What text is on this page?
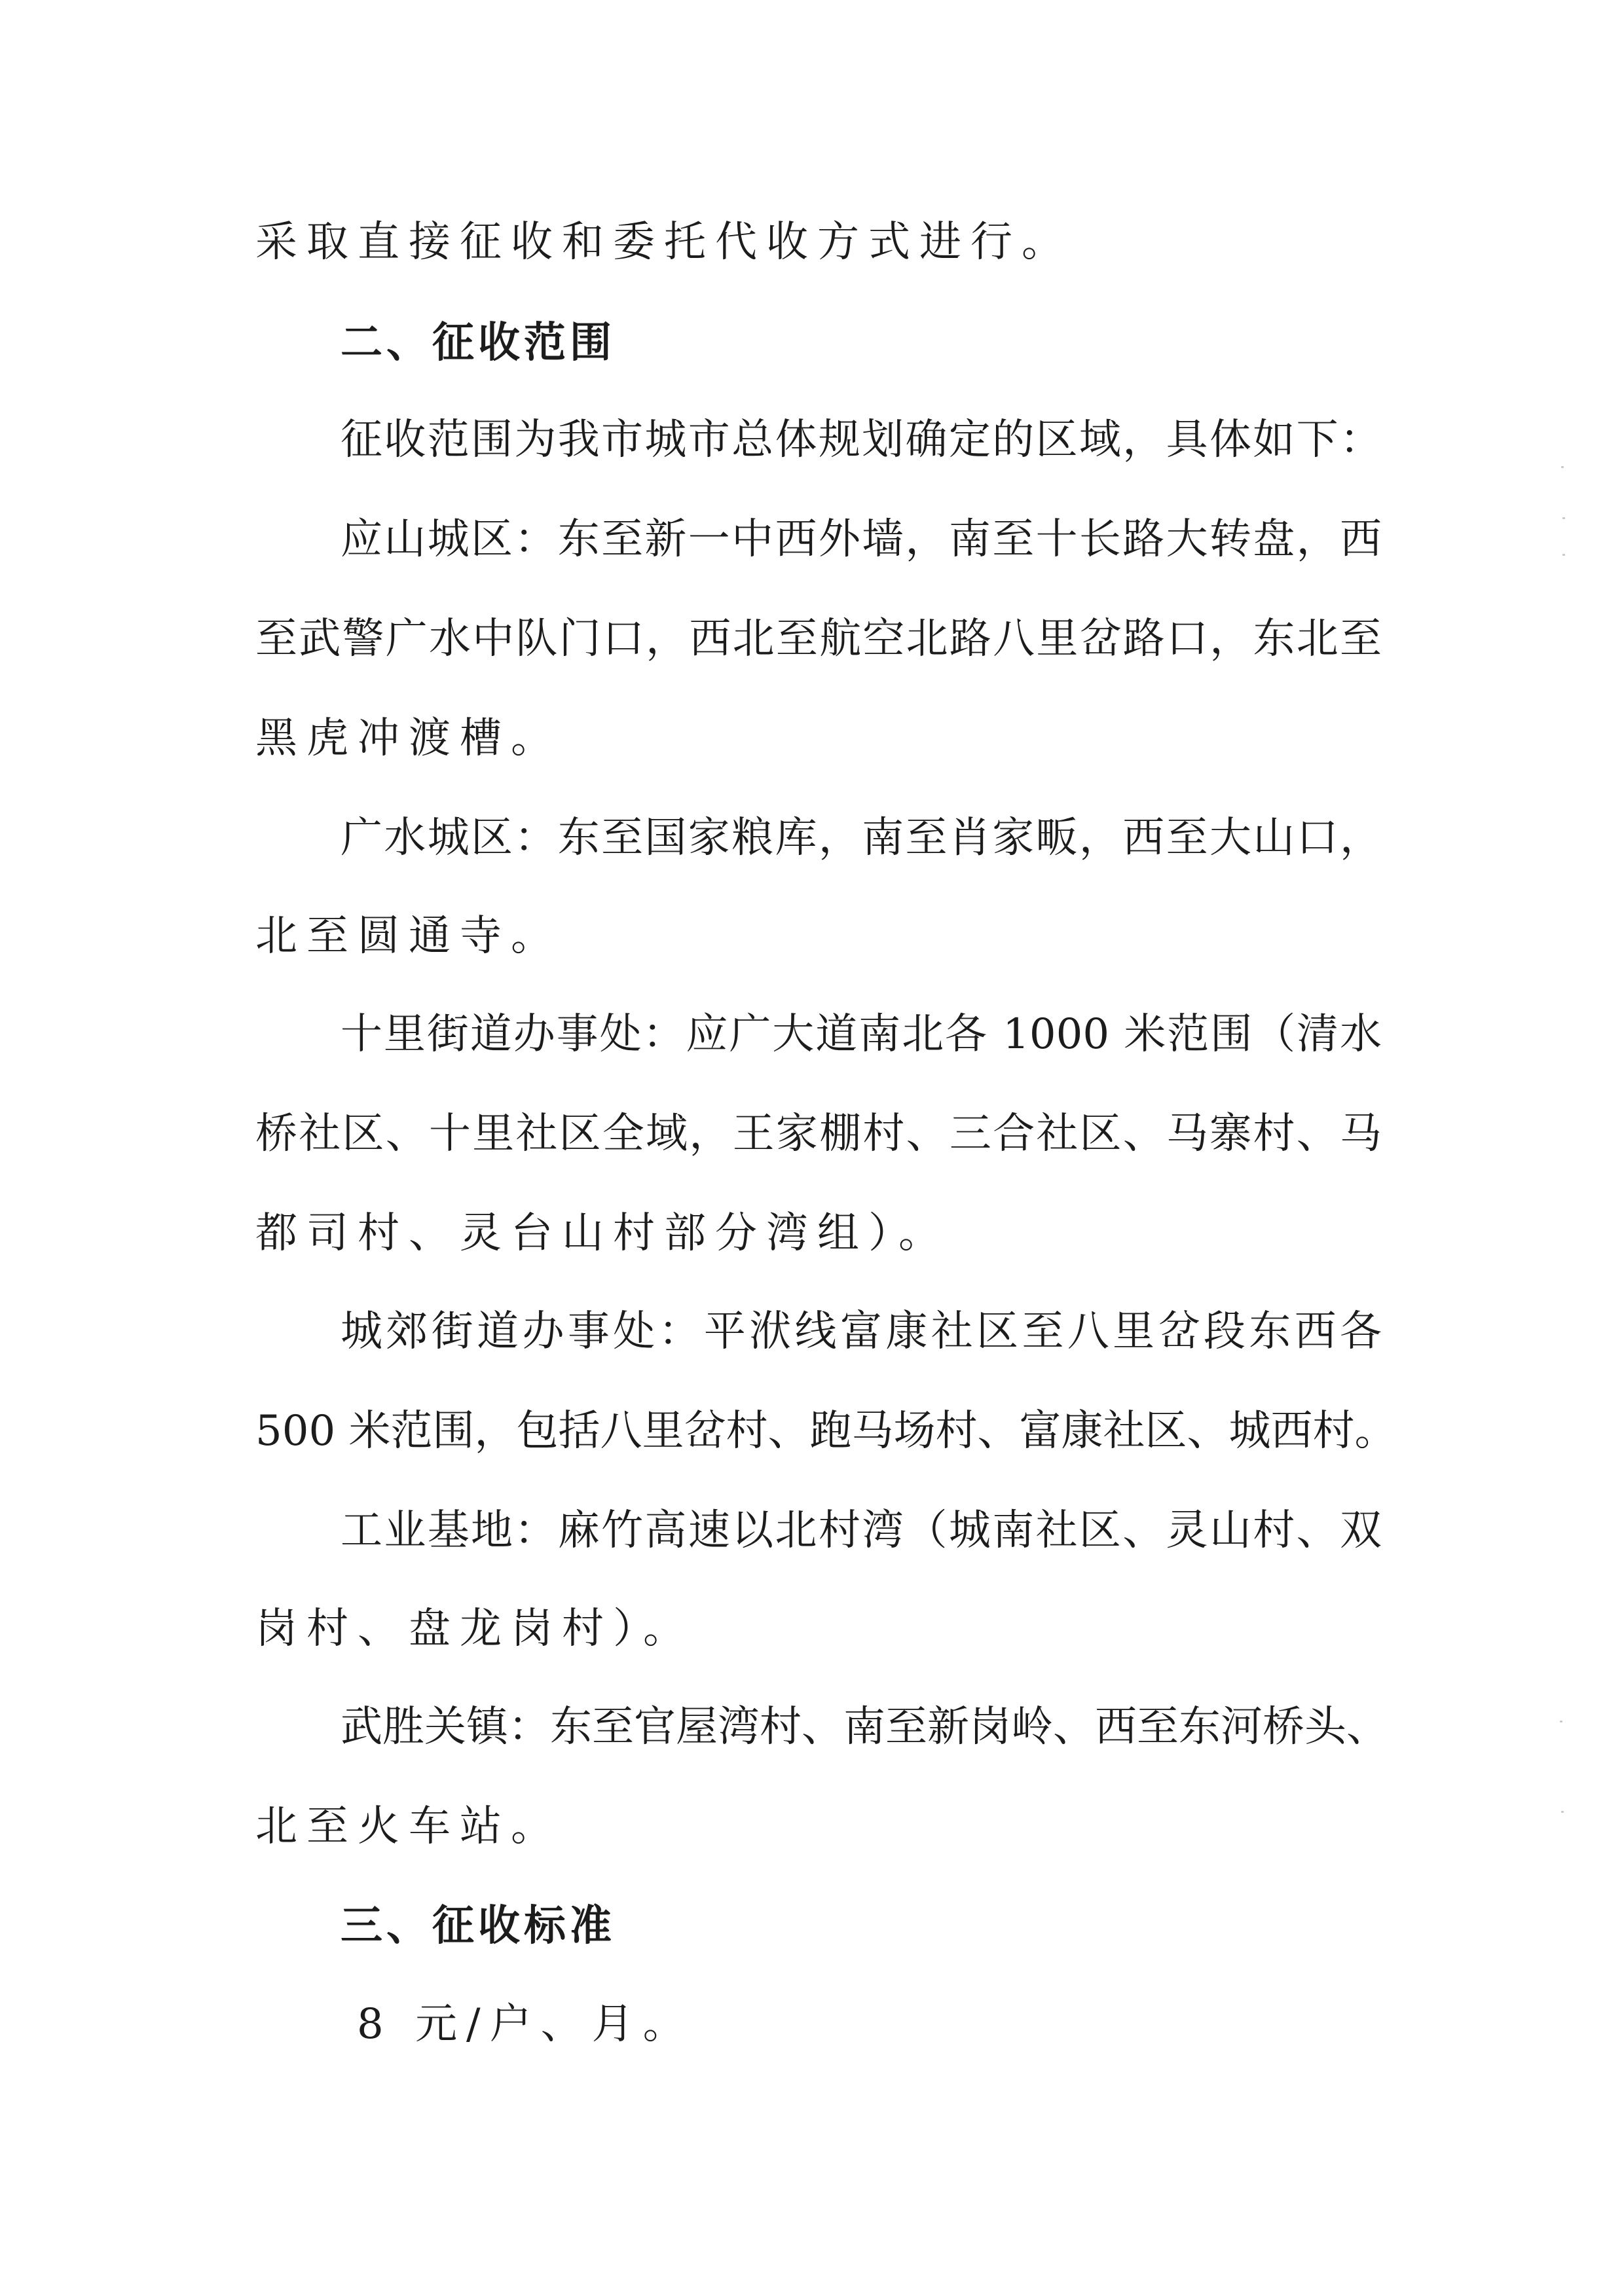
采取直接征收和委托代收方式进行。
二、征收范围
征收范围为我市城市总体规划确定的区域，具体如下：
应山城区：东至新一中西外墙，南至十长路大转盘，西
至武警广水中队门口，西北至航空北路八里岔路口，东北至
黑虎冲渡槽。
广水城区：东至国家粮库，南至肖家畈，西至大山口，
北至圆通寺。
十里街道办事处：应广大道南北各 1000 米范围（清水
桥社区、十里社区全域，王家棚村、三合社区、马寨村、马
都司村、灵台山村部分湾组）。
城郊街道办事处：平洑线富康社区至八里岔段东西各
500 米范围，包括八里岔村、跑马场村、富康社区、城西村。
工业基地：麻竹高速以北村湾（城南社区、灵山村、双
岗村、盘龙岗村）。
武胜关镇：东至官屋湾村、南至新岗岭、西至东河桥头、
北至火车站。
三、征收标准
8 元/户、月。
